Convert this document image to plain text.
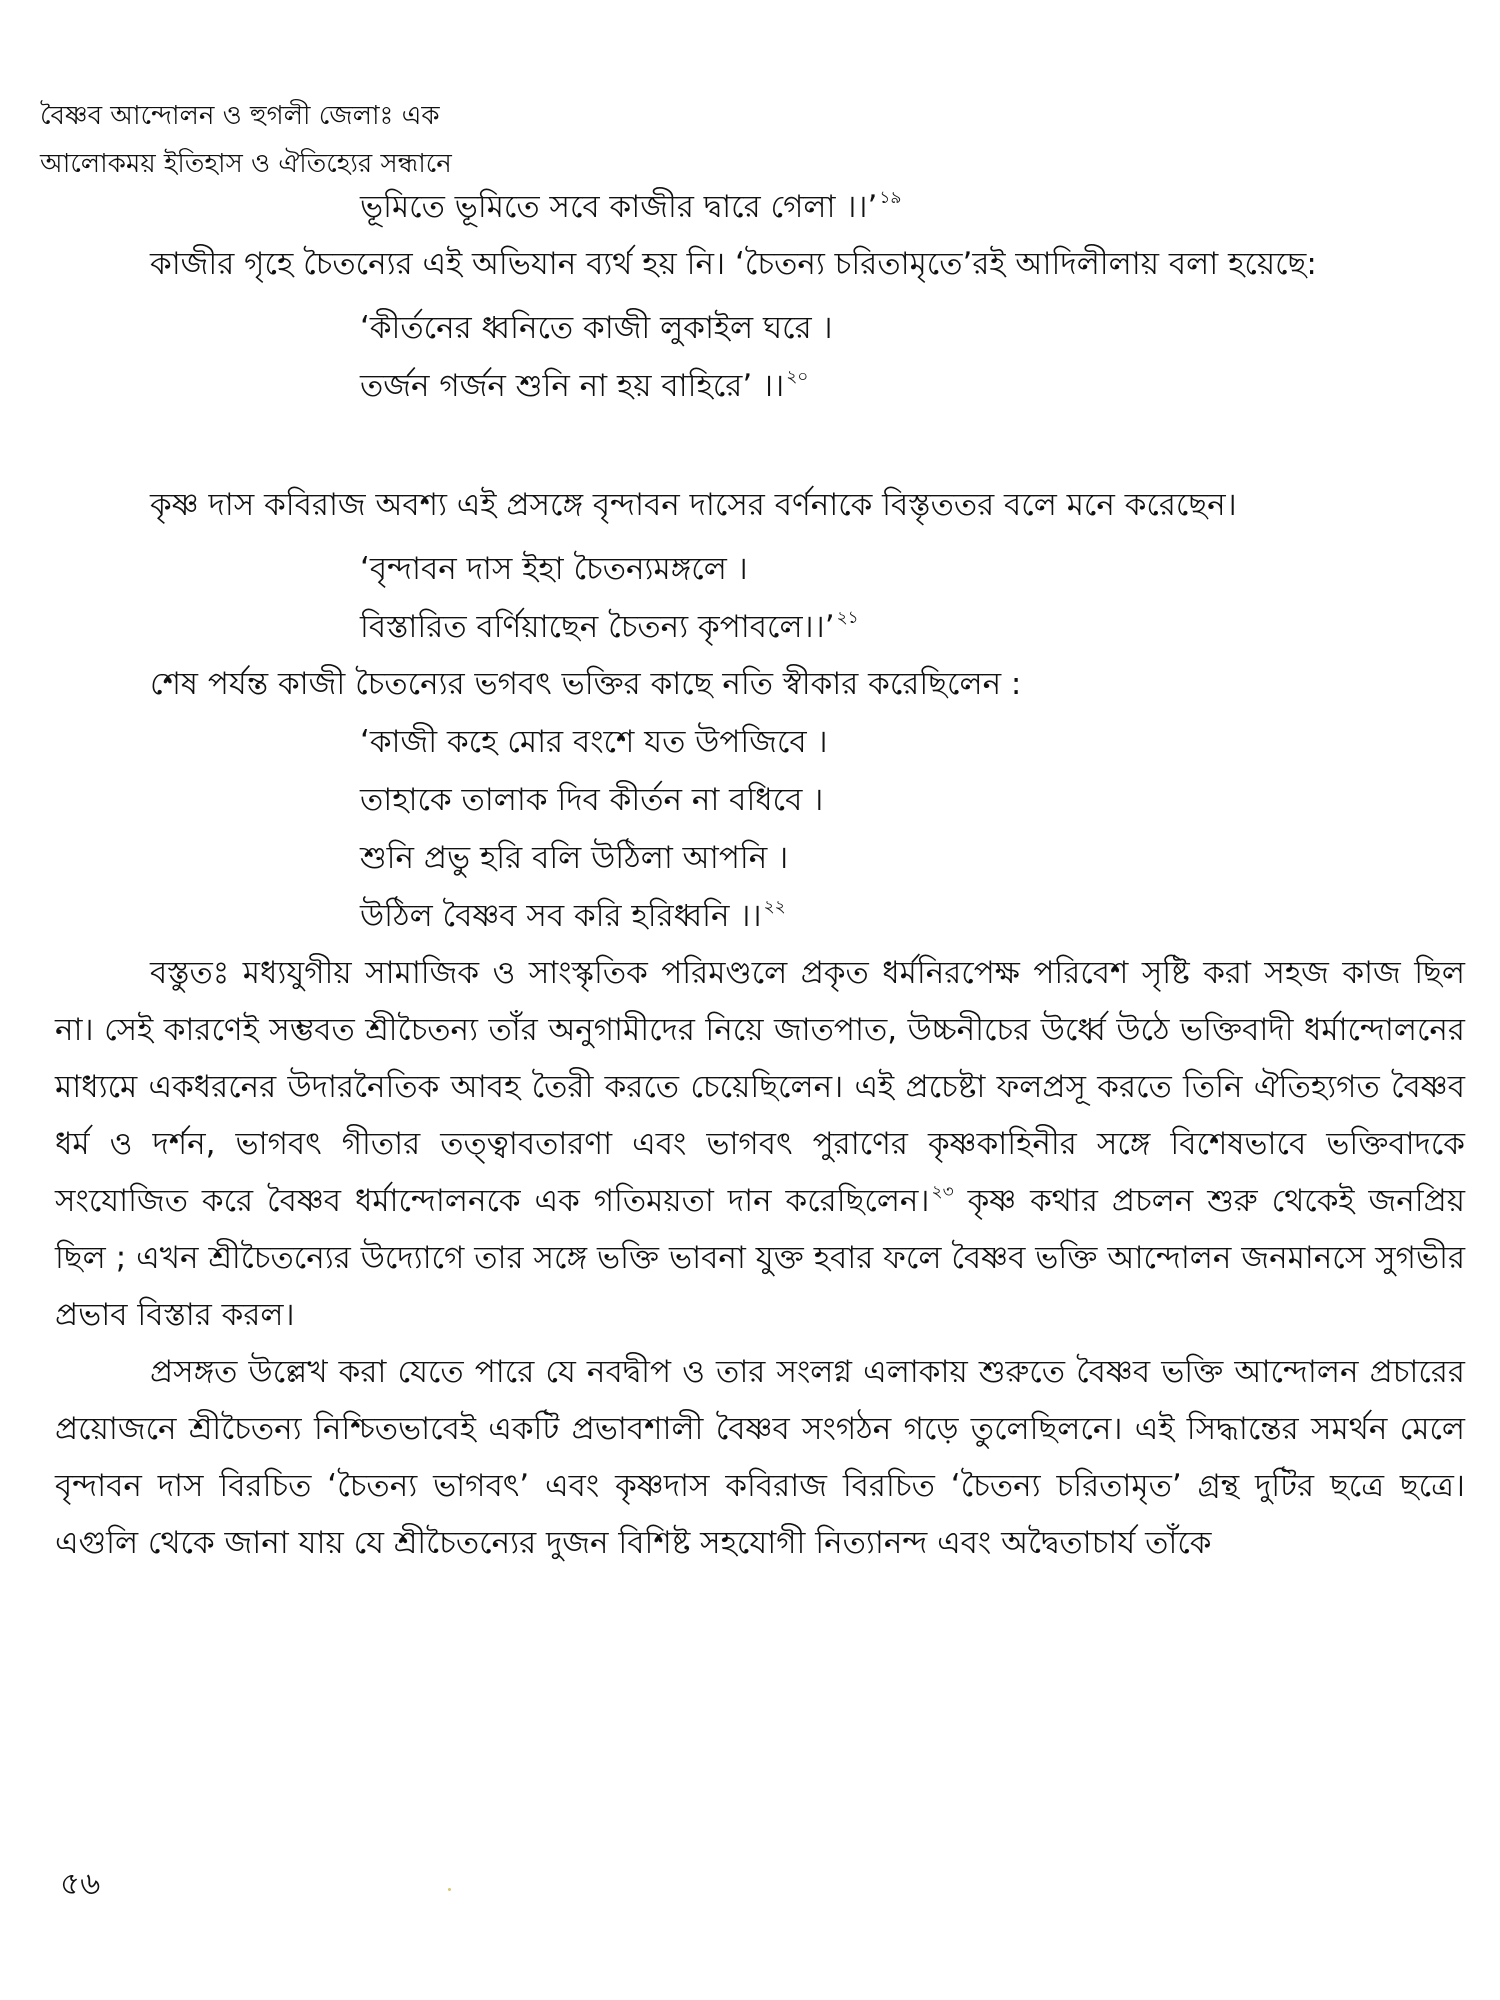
বৈষ্ণব আন্দোলন ও হুগলী জেলাঃ এক
আলোকময় ইতিহাস ও ঐতিহ্যের সন্ধানে
ভূমিতে ভূমিতে সবে কাজীর দ্বারে গেলা ।।’ $^{১৯}$

কাজীর গৃহে চৈতন্যের এই অভিযান ব্যর্থ হয় নি। ‘চৈতন্য চরিতামৃতে’রই আদিলীলায় বলা হয়েছে:

‘কীর্তনের ধ্বনিতে কাজী লুকাইল ঘরে ।
তর্জন গর্জন শুনি না হয় বাহিরে’ ।। $^{২০}$

কৃষ্ণ দাস কবিরাজ অবশ্য এই প্রসঙ্গে বৃন্দাবন দাসের বর্ণনাকে বিস্তৃততর বলে মনে করেছেন।

‘বৃন্দাবন দাস ইহা চৈতন্যমঙ্গলে ।
বিস্তারিত বর্ণিয়াছেন চৈতন্য কৃপাবলে।।’ $^{২১}$

শেষ পর্যন্ত কাজী চৈতন্যের ভগবৎ ভক্তির কাছে নতি স্বীকার করেছিলেন :

‘কাজী কহে মোর বংশে যত উপজিবে ।
তাহাকে তালাক দিব কীর্তন না বধিবে ।
শুনি প্রভু হরি বলি উঠিলা আপনি ।
উঠিল বৈষ্ণব সব করি হরিধ্বনি ।। $^{২২}$

বস্তুতঃ মধ্যযুগীয় সামাজিক ও সাংস্কৃতিক পরিমণ্ডলে প্রকৃত ধর্মনিরপেক্ষ পরিবেশ সৃষ্টি করা সহজ কাজ ছিল না। সেই কারণেই সম্ভবত শ্রীচৈতন্য তাঁর অনুগামীদের নিয়ে জাতপাত, উচ্চনীচের উর্ধ্বে উঠে ভক্তিবাদী ধর্মান্দোলনের মাধ্যমে একধরনের উদারনৈতিক আবহ তৈরী করতে চেয়েছিলেন। এই প্রচেষ্টা ফলপ্রসূ করতে তিনি ঐতিহ্যগত বৈষ্ণব ধর্ম ও দর্শন, ভাগবৎ গীতার তত্ত্বাবতারণা এবং ভাগবৎ পুরাণের কৃষ্ণকাহিনীর সঙ্গে বিশেষভাবে ভক্তিবাদকে সংযোজিত করে বৈষ্ণব ধর্মান্দোলনকে এক গতিময়তা দান করেছিলেন। $^{২৩}$ কৃষ্ণ কথার প্রচলন শুরু থেকেই জনপ্রিয় ছিল ; এখন শ্রীচৈতন্যের উদ্যোগে তার সঙ্গে ভক্তি ভাবনা যুক্ত হবার ফলে বৈষ্ণব ভক্তি আন্দোলন জনমানসে সুগভীর প্রভাব বিস্তার করল।

প্রসঙ্গত উল্লেখ করা যেতে পারে যে নবদ্বীপ ও তার সংলগ্ন এলাকায় শুরুতে বৈষ্ণব ভক্তি আন্দোলন প্রচারের প্রয়োজনে শ্রীচৈতন্য নিশ্চিতভাবেই একটি প্রভাবশালী বৈষ্ণব সংগঠন গড়ে তুলেছিলনে। এই সিদ্ধান্তের সমর্থন মেলে বৃন্দাবন দাস বিরচিত ‘চৈতন্য ভাগবৎ’ এবং কৃষ্ণদাস কবিরাজ বিরচিত ‘চৈতন্য চরিতামৃত’ গ্রন্থ দুটির ছত্রে ছত্রে। এগুলি থেকে জানা যায় যে শ্রীচৈতন্যের দুজন বিশিষ্ট সহযোগী নিত্যানন্দ এবং অদ্বৈতাচার্য তাঁকে

৫৬
